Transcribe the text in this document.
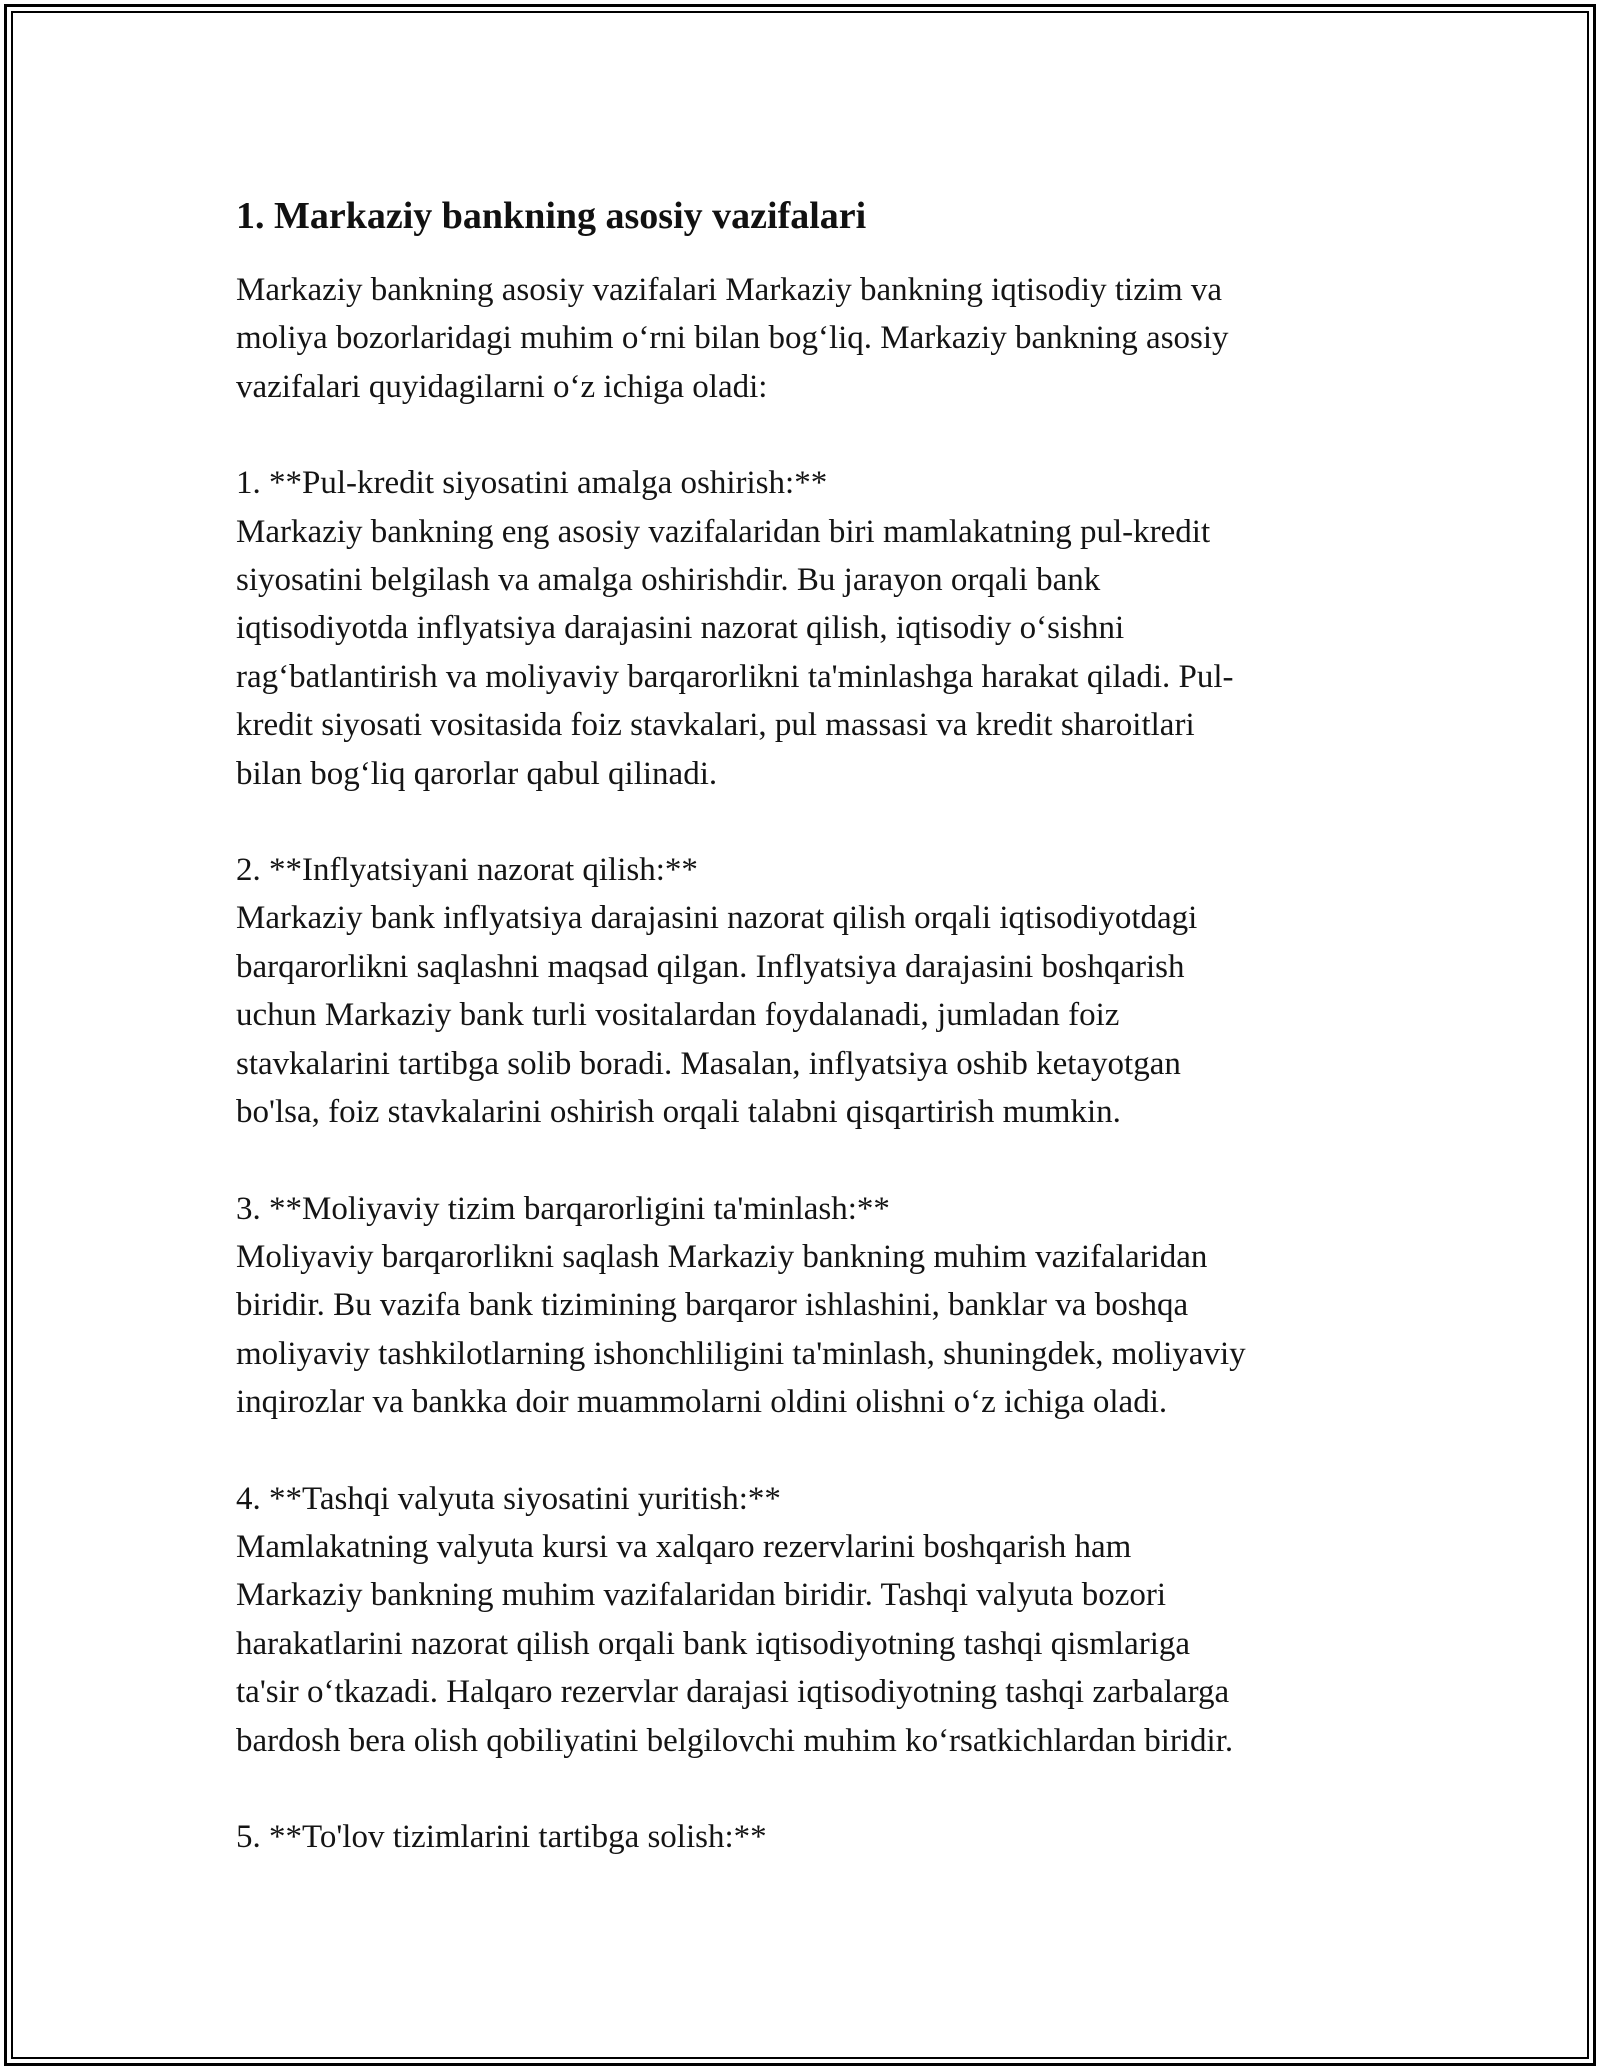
1. Markaziy bankning asosiy vazifalari

Markaziy bankning asosiy vazifalari Markaziy bankning iqtisodiy tizim va
moliya bozorlaridagi muhim o‘rni bilan bog‘liq. Markaziy bankning asosiy
vazifalari quyidagilarni o‘z ichiga oladi:

1. **Pul-kredit siyosatini amalga oshirish:**

Markaziy bankning eng asosiy vazifalaridan biri mamlakatning pul-kredit
siyosatini belgilash va amalga oshirishdir. Bu jarayon orqali bank
iqtisodiyotda inflyatsiya darajasini nazorat qilish, iqtisodiy o‘sishni
rag‘batlantirish va moliyaviy barqarorlikni ta'minlashga harakat qiladi. Pul-
kredit siyosati vositasida foiz stavkalari, pul massasi va kredit sharoitlari
bilan bog‘liq qarorlar qabul qilinadi.

2. **Inflyatsiyani nazorat qilish:**

Markaziy bank inflyatsiya darajasini nazorat qilish orqali iqtisodiyotdagi
barqarorlikni saqlashni maqsad qilgan. Inflyatsiya darajasini boshqarish
uchun Markaziy bank turli vositalardan foydalanadi, jumladan foiz
stavkalarini tartibga solib boradi. Masalan, inflyatsiya oshib ketayotgan
bo'lsa, foiz stavkalarini oshirish orqali talabni qisqartirish mumkin.

3. **Moliyaviy tizim barqarorligini ta'minlash:**

Moliyaviy barqarorlikni saqlash Markaziy bankning muhim vazifalaridan
biridir. Bu vazifa bank tizimining barqaror ishlashini, banklar va boshqa
moliyaviy tashkilotlarning ishonchliligini ta'minlash, shuningdek, moliyaviy
inqirozlar va bankka doir muammolarni oldini olishni o‘z ichiga oladi.

4. **Tashqi valyuta siyosatini yuritish:**

Mamlakatning valyuta kursi va xalqaro rezervlarini boshqarish ham
Markaziy bankning muhim vazifalaridan biridir. Tashqi valyuta bozori
harakatlarini nazorat qilish orqali bank iqtisodiyotning tashqi qismlariga
ta'sir o‘tkazadi. Halqaro rezervlar darajasi iqtisodiyotning tashqi zarbalarga
bardosh bera olish qobiliyatini belgilovchi muhim ko‘rsatkichlardan biridir.

5. **To'lov tizimlarini tartibga solish:**
